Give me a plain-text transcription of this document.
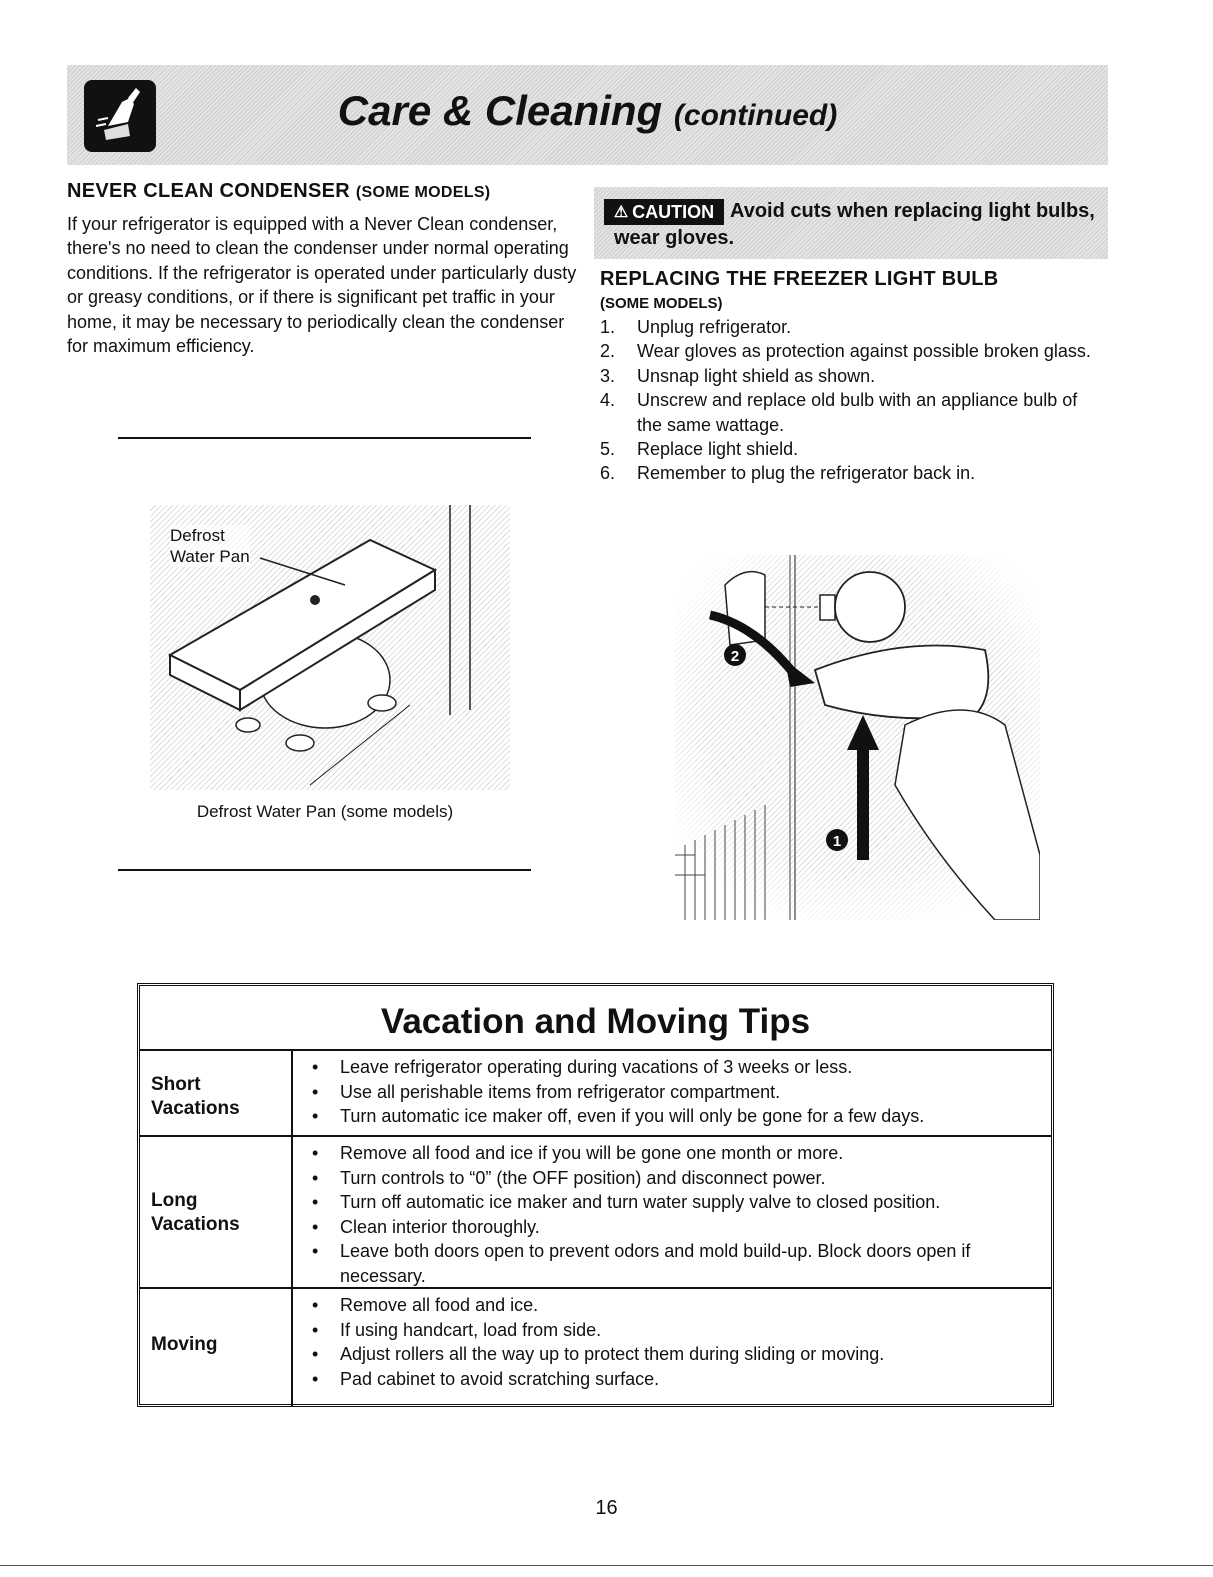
Care & Cleaning (continued)

NEVER CLEAN CONDENSER (SOME MODELS)

If your refrigerator is equipped with a Never Clean condenser, there's no need to clean the condenser under normal operating conditions. If the refrigerator is operated under particularly dusty or greasy conditions, or if there is significant pet traffic in your home, it may be necessary to periodically clean the condenser for maximum efficiency.
Defrost
Water Pan
Defrost Water Pan (some models)
⚠ CAUTION Avoid cuts when replacing light bulbs,
wear gloves.

REPLACING THE FREEZER LIGHT BULB

(SOME MODELS)
1. Unplug refrigerator.
2. Wear gloves as protection against possible broken glass.
3. Unsnap light shield as shown.
4. Unscrew and replace old bulb with an appliance bulb of the same wattage.
5. Replace light shield.
6. Remember to plug the refrigerator back in.
2
1
Vacation and Moving Tips
Short
Vacations
• Leave refrigerator operating during vacations of 3 weeks or less.
• Use all perishable items from refrigerator compartment.
• Turn automatic ice maker off, even if you will only be gone for a few days.
Long
Vacations
• Remove all food and ice if you will be gone one month or more.
• Turn controls to “0” (the OFF position) and disconnect power.
• Turn off automatic ice maker and turn water supply valve to closed position.
• Clean interior thoroughly.
• Leave both doors open to prevent odors and mold build-up. Block doors open if necessary.
Moving
• Remove all food and ice.
• If using handcart, load from side.
• Adjust rollers all the way up to protect them during sliding or moving.
• Pad cabinet to avoid scratching surface.
16
